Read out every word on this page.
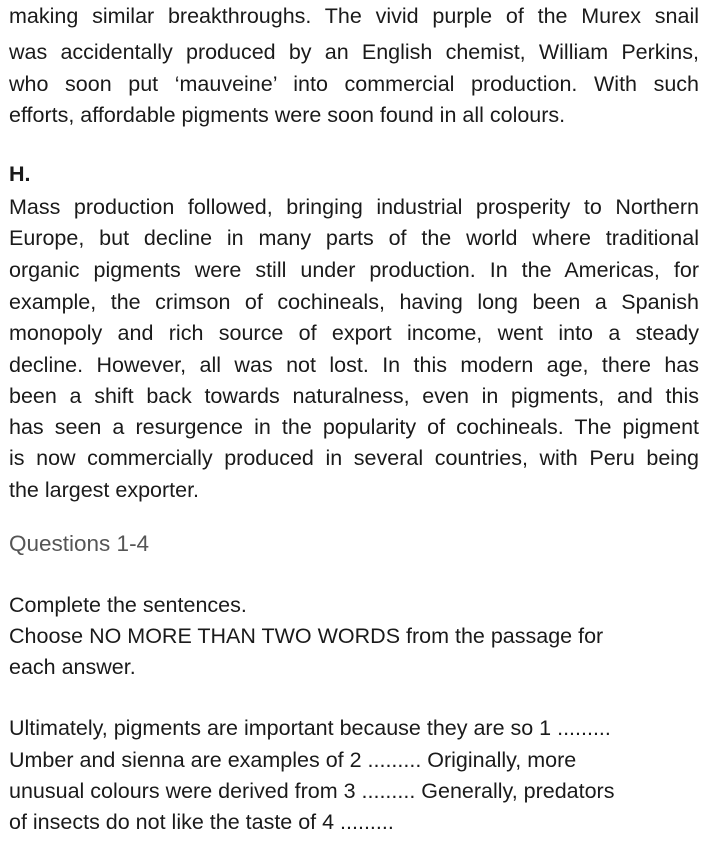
making similar breakthroughs. The vivid purple of the Murex snail
was accidentally produced by an English chemist, William Perkins,
who soon put ‘mauveine’ into commercial production. With such
efforts, affordable pigments were soon found in all colours.
H.
Mass production followed, bringing industrial prosperity to Northern
Europe, but decline in many parts of the world where traditional
organic pigments were still under production. In the Americas, for
example, the crimson of cochineals, having long been a Spanish
monopoly and rich source of export income, went into a steady
decline. However, all was not lost. In this modern age, there has
been a shift back towards naturalness, even in pigments, and this
has seen a resurgence in the popularity of cochineals. The pigment
is now commercially produced in several countries, with Peru being
the largest exporter.
Questions 1-4
Complete the sentences.
Choose NO MORE THAN TWO WORDS from the passage for
each answer.
Ultimately, pigments are important because they are so 1 .........
Umber and sienna are examples of 2 ......... Originally, more
unusual colours were derived from 3 ......... Generally, predators
of insects do not like the taste of 4 .........
